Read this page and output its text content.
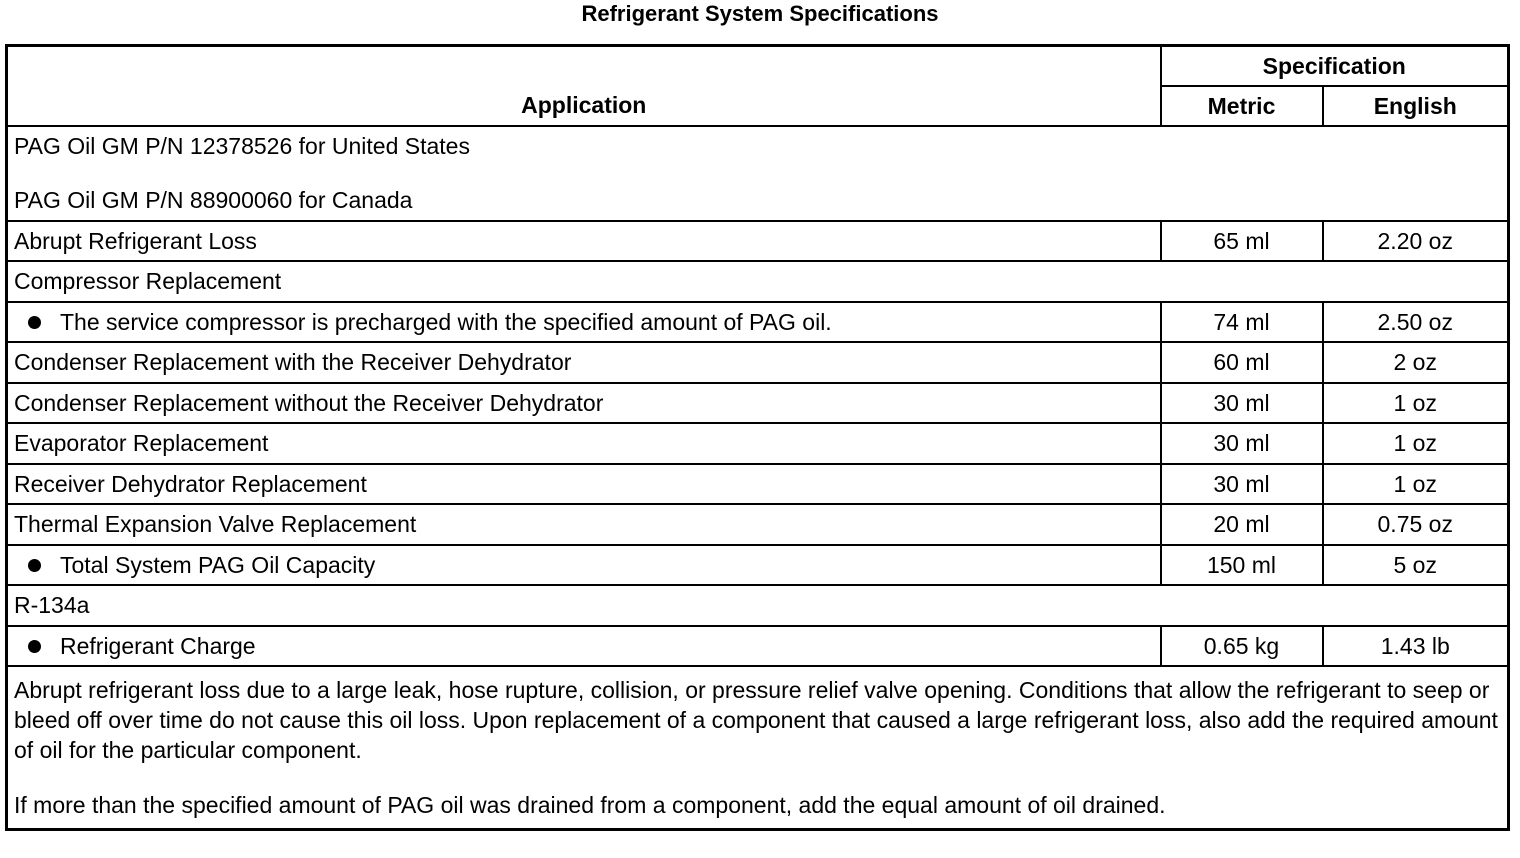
Refrigerant System Specifications
Application	Specification	
	Metric	English

PAG Oil GM P/N 12378526 for United States

PAG Oil GM P/N 88900060 for Canada		

Abrupt Refrigerant Loss	65 ml	2.20 oz
Compressor Replacement		
The service compressor is precharged with the specified amount of PAG oil.	74 ml	2.50 oz
Condenser Replacement with the Receiver Dehydrator	60 ml	2 oz
Condenser Replacement without the Receiver Dehydrator	30 ml	1 oz
Evaporator Replacement	30 ml	1 oz
Receiver Dehydrator Replacement	30 ml	1 oz
Thermal Expansion Valve Replacement	20 ml	0.75 oz
Total System PAG Oil Capacity	150 ml	5 oz
R-134a		
Refrigerant Charge	0.65 kg	1.43 lb

Abrupt refrigerant loss due to a large leak, hose rupture, collision, or pressure relief valve opening. Conditions that allow the refrigerant to seep or bleed off over time do not cause this oil loss. Upon replacement of a component that caused a large refrigerant loss, also add the required amount of oil for the particular component.

If more than the specified amount of PAG oil was drained from a component, add the equal amount of oil drained.		
